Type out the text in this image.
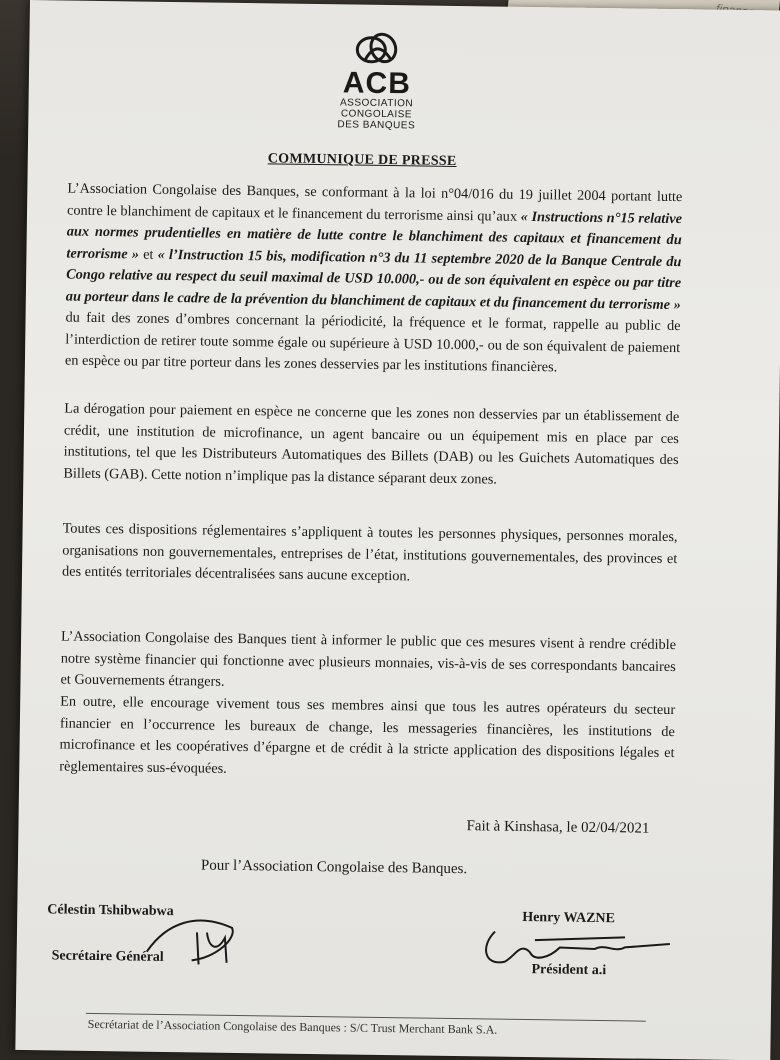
ACB
ASSOCIATION
CONGOLAISE
DES BANQUES
COMMUNIQUE DE PRESSE
L’Association Congolaise des Banques, se conformant à la loi n°04/016 du 19 juillet 2004 portant lutte contre le blanchiment de capitaux et le financement du terrorisme ainsi qu’aux « Instructions n°15 relative aux normes prudentielles en matière de lutte contre le blanchiment des capitaux et financement du terrorisme » et « l’Instruction 15 bis, modification n°3 du 11 septembre 2020 de la Banque Centrale du Congo relative au respect du seuil maximal de USD 10.000,- ou de son équivalent en espèce ou par titre au porteur dans le cadre de la prévention du blanchiment de capitaux et du financement du terrorisme » du fait des zones d’ombres concernant la périodicité, la fréquence et le format, rappelle au public de l’interdiction de retirer toute somme égale ou supérieure à USD 10.000,- ou de son équivalent de paiement en espèce ou par titre porteur dans les zones desservies par les institutions financières.
La dérogation pour paiement en espèce ne concerne que les zones non desservies par un établissement de crédit, une institution de microfinance, un agent bancaire ou un équipement mis en place par ces institutions, tel que les Distributeurs Automatiques des Billets (DAB) ou les Guichets Automatiques des Billets (GAB). Cette notion n’implique pas la distance séparant deux zones.
Toutes ces dispositions réglementaires s’appliquent à toutes les personnes physiques, personnes morales, organisations non gouvernementales, entreprises de l’état, institutions gouvernementales, des provinces et des entités territoriales décentralisées sans aucune exception.
L’Association Congolaise des Banques tient à informer le public que ces mesures visent à rendre crédible notre système financier qui fonctionne avec plusieurs monnaies, vis-à-vis de ses correspondants bancaires et Gouvernements étrangers.
En outre, elle encourage vivement tous ses membres ainsi que tous les autres opérateurs du secteur financier en l’occurrence les bureaux de change, les messageries financières, les institutions de microfinance et les coopératives d’épargne et de crédit à la stricte application des dispositions légales et règlementaires sus-évoquées.
Fait à Kinshasa, le 02/04/2021
Pour l’Association Congolaise des Banques.
Célestin Tshibwabwa
Secrétaire Général
Henry WAZNE
Président a.i
Secrétariat de l’Association Congolaise des Banques : S/C Trust Merchant Bank S.A.
